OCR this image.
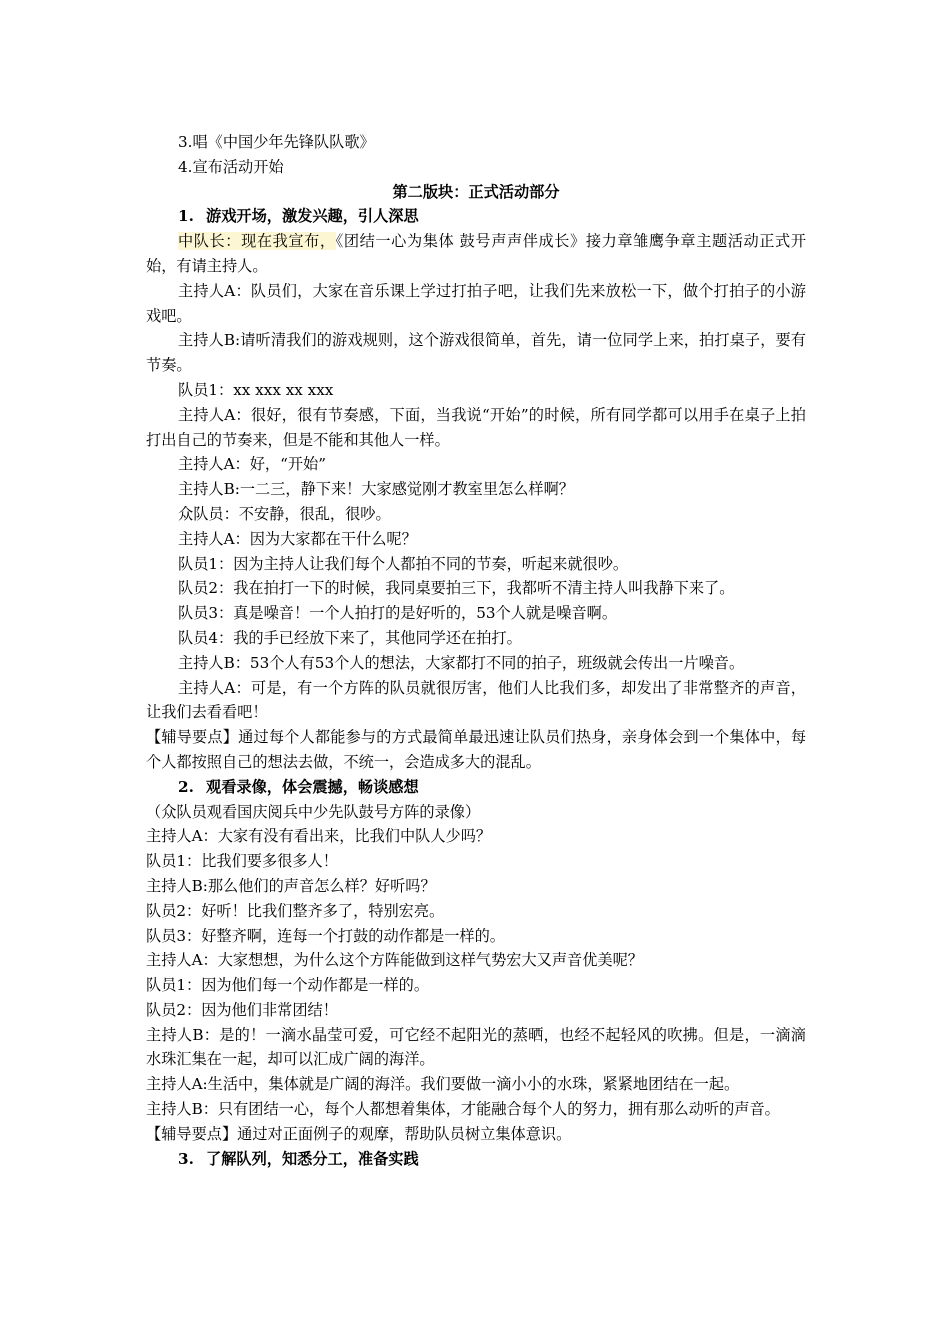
3.唱《中国少年先锋队队歌》

4.宣布活动开始

第二版块：正式活动部分

1. 游戏开场，激发兴趣，引人深思

中队长：现在我宣布，《团结一心为集体 鼓号声声伴成长》接力章雏鹰争章主题活动正式开始，有请主持人。

主持人A：队员们，大家在音乐课上学过打拍子吧，让我们先来放松一下，做个打拍子的小游戏吧。

主持人B:请听清我们的游戏规则，这个游戏很简单，首先，请一位同学上来，拍打桌子，要有节奏。

队员1：xx xxx xx xxx

主持人A：很好，很有节奏感，下面，当我说“开始”的时候，所有同学都可以用手在桌子上拍打出自己的节奏来，但是不能和其他人一样。

主持人A：好，“开始”

主持人B:一二三，静下来！大家感觉刚才教室里怎么样啊？

众队员：不安静，很乱，很吵。

主持人A：因为大家都在干什么呢？

队员1：因为主持人让我们每个人都拍不同的节奏，听起来就很吵。

队员2：我在拍打一下的时候，我同桌要拍三下，我都听不清主持人叫我静下来了。

队员3：真是噪音！一个人拍打的是好听的，53个人就是噪音啊。

队员4：我的手已经放下来了，其他同学还在拍打。

主持人B：53个人有53个人的想法，大家都打不同的拍子，班级就会传出一片噪音。

主持人A：可是，有一个方阵的队员就很厉害，他们人比我们多，却发出了非常整齐的声音，让我们去看看吧！

【辅导要点】通过每个人都能参与的方式最简单最迅速让队员们热身，亲身体会到一个集体中，每个人都按照自己的想法去做，不统一，会造成多大的混乱。

2. 观看录像，体会震撼，畅谈感想

（众队员观看国庆阅兵中少先队鼓号方阵的录像）

主持人A：大家有没有看出来，比我们中队人少吗？

队员1：比我们要多很多人！

主持人B:那么他们的声音怎么样？好听吗？

队员2：好听！比我们整齐多了，特别宏亮。

队员3：好整齐啊，连每一个打鼓的动作都是一样的。

主持人A：大家想想，为什么这个方阵能做到这样气势宏大又声音优美呢？

队员1：因为他们每一个动作都是一样的。

队员2：因为他们非常团结！

主持人B：是的！一滴水晶莹可爱，可它经不起阳光的蒸晒，也经不起轻风的吹拂。但是，一滴滴水珠汇集在一起，却可以汇成广阔的海洋。

主持人A:生活中，集体就是广阔的海洋。我们要做一滴小小的水珠，紧紧地团结在一起。

主持人B：只有团结一心，每个人都想着集体，才能融合每个人的努力，拥有那么动听的声音。

【辅导要点】通过对正面例子的观摩，帮助队员树立集体意识。

3. 了解队列，知悉分工，准备实践
